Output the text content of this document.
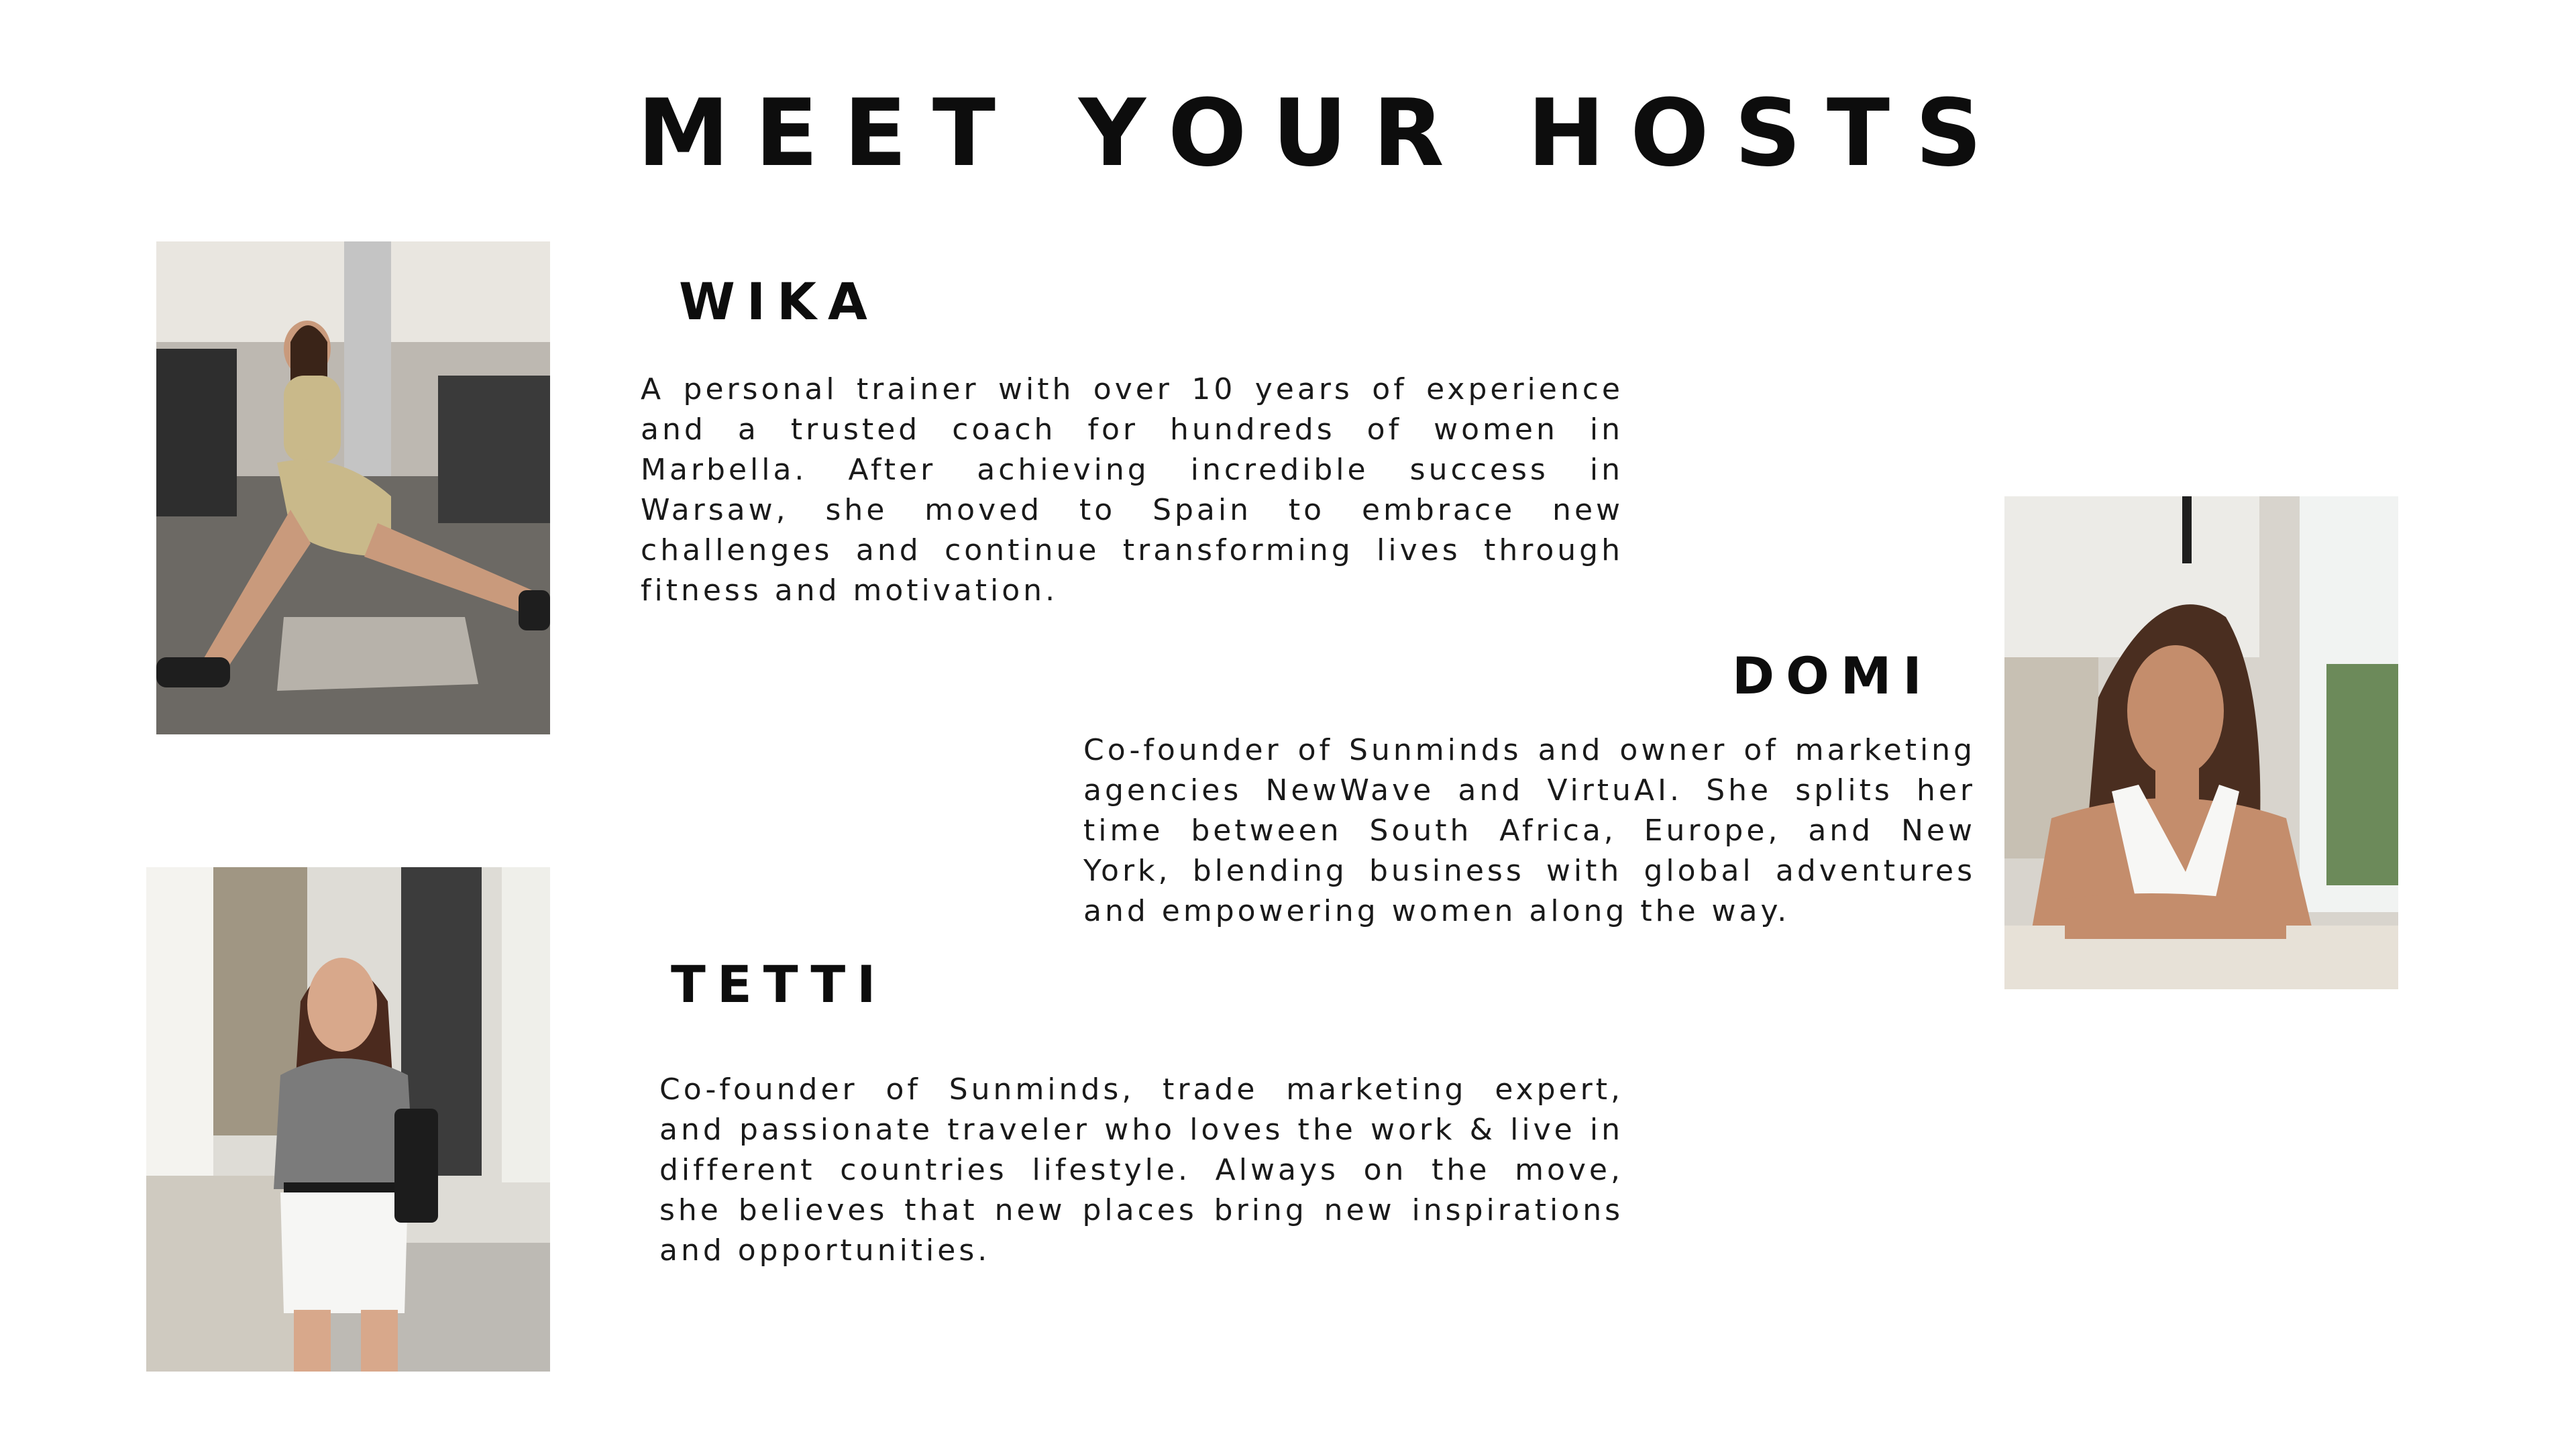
MEET YOUR HOSTS
WIKA
A personal trainer with over 10 years of experience and a trusted coach for hundreds of women in Marbella. After achieving incredible success in Warsaw, she moved to Spain to embrace new challenges and continue transforming lives through fitness and motivation.
DOMI
Co-founder of Sunminds and owner of marketing agencies NewWave and VirtuAI. She splits her time between South Africa, Europe, and New York, blending business with global adventures and empowering women along the way.
TETTI
Co-founder of Sunminds, trade marketing expert, and passionate traveler who loves the work & live in different countries lifestyle. Always on the move, she believes that new places bring new inspirations and opportunities.
